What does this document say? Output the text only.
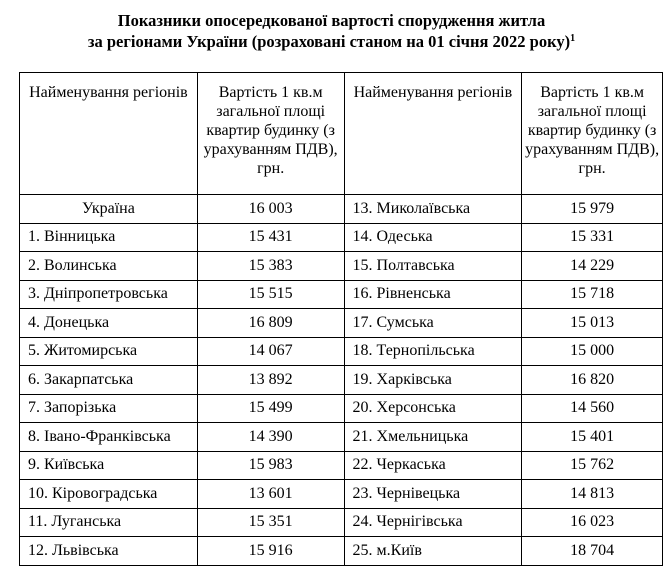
Показники опосередкованої вартості спорудження житла
за регіонами України (розраховані станом на 01 січня 2022 року)$^1$
Найменування регіонів	Вартість 1 кв.м загальної площі квартир будинку (з урахуванням ПДВ), грн.	Найменування регіонів	Вартість 1 кв.м загальної площі квартир будинку (з урахуванням ПДВ), грн.
Україна	16 003	13. Миколаївська	15 979
1. Вінницька	15 431	14. Одеська	15 331
2. Волинська	15 383	15. Полтавська	14 229
3. Дніпропетровська	15 515	16. Рівненська	15 718
4. Донецька	16 809	17. Сумська	15 013
5. Житомирська	14 067	18. Тернопільська	15 000
6. Закарпатська	13 892	19. Харківська	16 820
7. Запорізька	15 499	20. Херсонська	14 560
8. Івано-Франківська	14 390	21. Хмельницька	15 401
9. Київська	15 983	22. Черкаська	15 762
10. Кіровоградська	13 601	23. Чернівецька	14 813
11. Луганська	15 351	24. Чернігівська	16 023
12. Львівська	15 916	25. м.Київ	18 704
